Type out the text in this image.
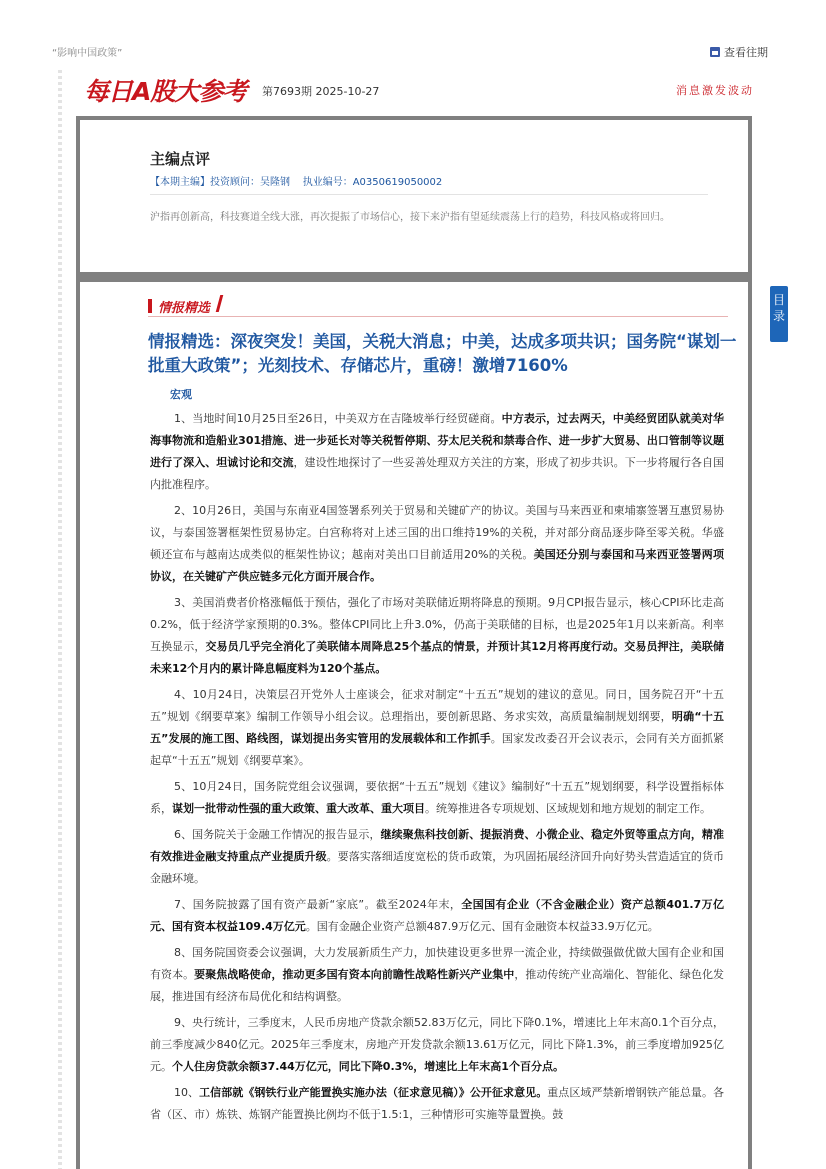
“影响中国政策”	查看往期
每日A股大参考 第7693期 2025-10-27	消息激发波动
主编点评
【本期主编】投资顾问：吴隆钢 执业编号：A0350619050002
沪指再创新高，科技赛道全线大涨，再次提振了市场信心，接下来沪指有望延续震荡上行的趋势，科技风格或将回归。
情报精选
情报精选：深夜突发！美国，关税大消息；中美，达成多项共识；国务院“谋划一批重大政策”；光刻技术、存储芯片，重磅！激增7160%
宏观

1、当地时间10月25日至26日，中美双方在吉隆坡举行经贸磋商。中方表示，过去两天，中美经贸团队就美对华海事物流和造船业301措施、进一步延长对等关税暂停期、芬太尼关税和禁毒合作、进一步扩大贸易、出口管制等议题进行了深入、坦诚讨论和交流，建设性地探讨了一些妥善处理双方关注的方案，形成了初步共识。下一步将履行各自国内批准程序。

2、10月26日，美国与东南亚4国签署系列关于贸易和关键矿产的协议。美国与马来西亚和柬埔寨签署互惠贸易协议，与泰国签署框架性贸易协定。白宫称将对上述三国的出口维持19%的关税，并对部分商品逐步降至零关税。华盛顿还宣布与越南达成类似的框架性协议；越南对美出口目前适用20%的关税。美国还分别与泰国和马来西亚签署两项协议，在关键矿产供应链多元化方面开展合作。

3、美国消费者价格涨幅低于预估，强化了市场对美联储近期将降息的预期。9月CPI报告显示，核心CPI环比走高0.2%，低于经济学家预期的0.3%。整体CPI同比上升3.0%，仍高于美联储的目标，也是2025年1月以来新高。利率互换显示，交易员几乎完全消化了美联储本周降息25个基点的情景，并预计其12月将再度行动。交易员押注，美联储未来12个月内的累计降息幅度料为120个基点。

4、10月24日，决策层召开党外人士座谈会，征求对制定“十五五”规划的建议的意见。同日，国务院召开“十五五”规划《纲要草案》编制工作领导小组会议。总理指出，要创新思路、务求实效，高质量编制规划纲要，明确“十五五”发展的施工图、路线图，谋划提出务实管用的发展载体和工作抓手。国家发改委召开会议表示，会同有关方面抓紧起草“十五五”规划《纲要草案》。

5、10月24日，国务院党组会议强调，要依据“十五五”规划《建议》编制好“十五五”规划纲要，科学设置指标体系，谋划一批带动性强的重大政策、重大改革、重大项目。统筹推进各专项规划、区域规划和地方规划的制定工作。

6、国务院关于金融工作情况的报告显示，继续聚焦科技创新、提振消费、小微企业、稳定外贸等重点方向，精准有效推进金融支持重点产业提质升级。要落实落细适度宽松的货币政策，为巩固拓展经济回升向好势头营造适宜的货币金融环境。

7、国务院披露了国有资产最新“家底”。截至2024年末，全国国有企业（不含金融企业）资产总额401.7万亿元、国有资本权益109.4万亿元。国有金融企业资产总额487.9万亿元、国有金融资本权益33.9万亿元。

8、国务院国资委会议强调，大力发展新质生产力，加快建设更多世界一流企业，持续做强做优做大国有企业和国有资本。要聚焦战略使命，推动更多国有资本向前瞻性战略性新兴产业集中，推动传统产业高端化、智能化、绿色化发展，推进国有经济布局优化和结构调整。

9、央行统计，三季度末，人民币房地产贷款余额52.83万亿元，同比下降0.1%，增速比上年末高0.1个百分点，前三季度减少840亿元。2025年三季度末，房地产开发贷款余额13.61万亿元，同比下降1.3%，前三季度增加925亿元。个人住房贷款余额37.44万亿元，同比下降0.3%，增速比上年末高1个百分点。

10、工信部就《钢铁行业产能置换实施办法（征求意见稿）》公开征求意见。重点区域严禁新增钢铁产能总量。各省（区、市）炼铁、炼钢产能置换比例均不低于1.5:1，三种情形可实施等量置换。鼓

目
录
